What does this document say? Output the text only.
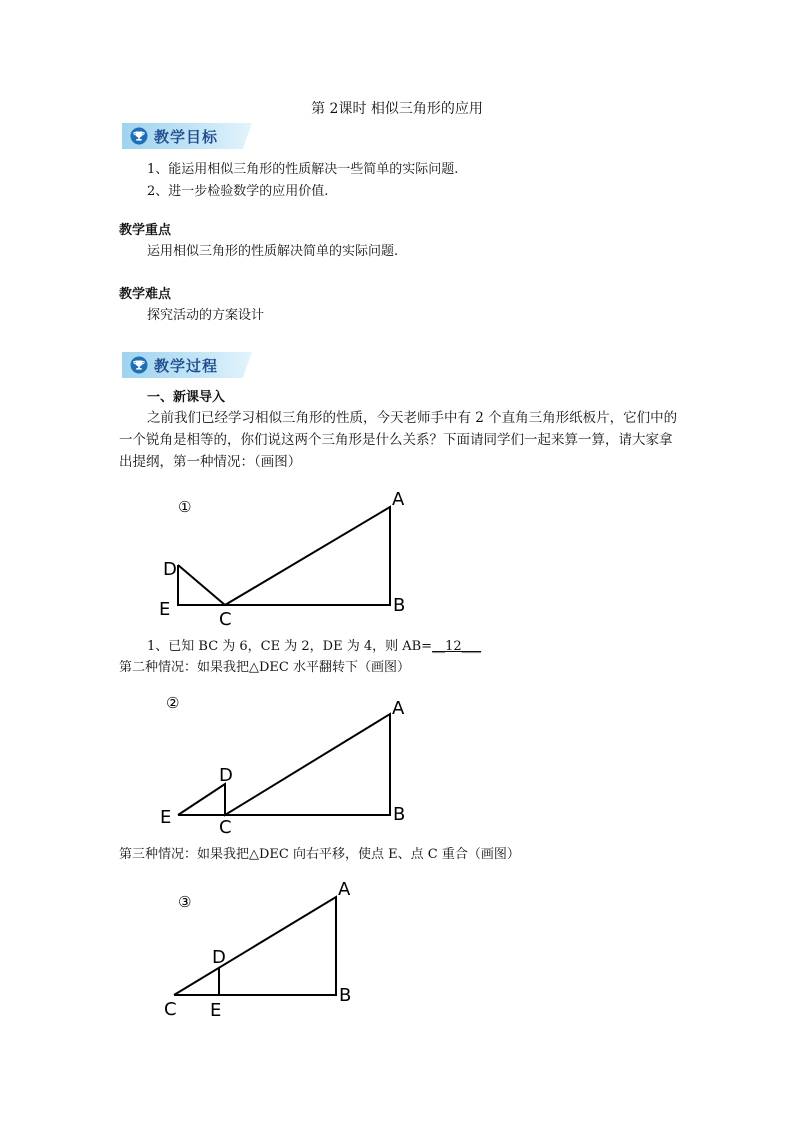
第 2课时 相似三角形的应用
教学目标
1、能运用相似三角形的性质解决一些简单的实际问题.
2、进一步检验数学的应用价值.
教学重点
运用相似三角形的性质解决简单的实际问题.
教学难点
探究活动的方案设计
教学过程
一、新课导入
之前我们已经学习相似三角形的性质，今天老师手中有 2 个直角三角形纸板片，它们中的一个锐角是相等的，你们说这两个三角形是什么关系？下面请同学们一起来算一算，请大家拿出提纲，第一种情况：（画图）
①	A
B
C
D
E
1、已知 BC 为 6，CE 为 2，DE 为 4，则 AB=__12___
第二种情况：如果我把△DEC 水平翻转下（画图）
②	A
B
C
D
E
第三种情况：如果我把△DEC 向右平移，使点 E、点 C 重合（画图）
③
A
B
C
D
E
